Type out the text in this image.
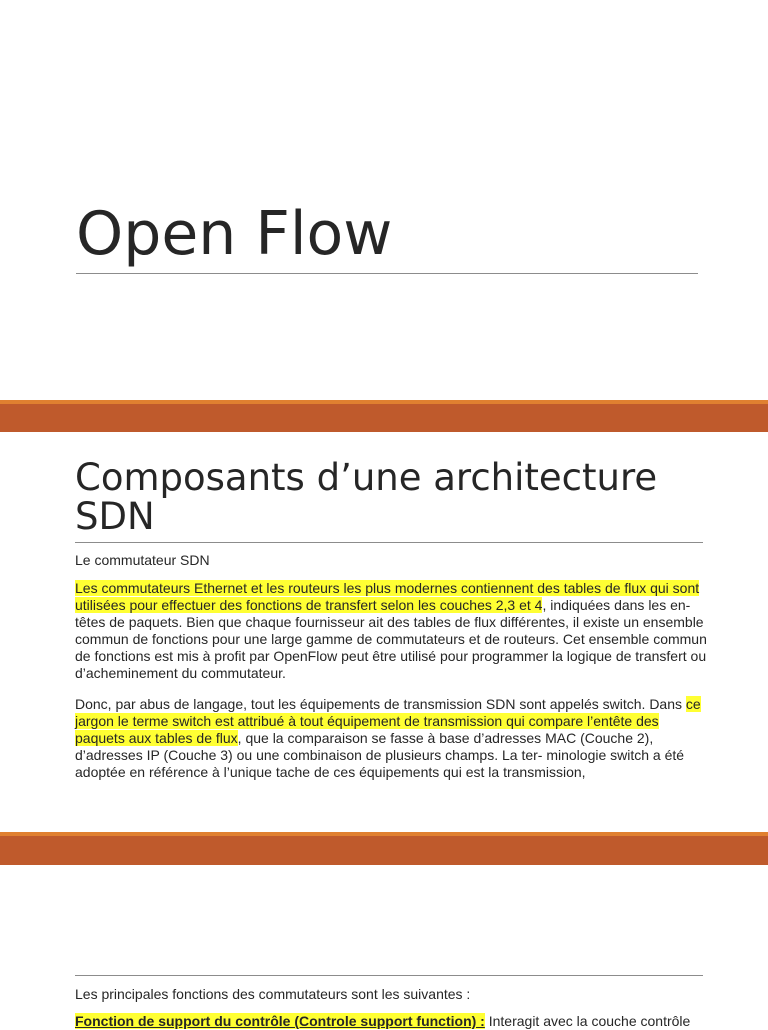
Open Flow
Composants d’une architecture SDN

Le commutateur SDN

Les commutateurs Ethernet et les routeurs les plus modernes contiennent des tables de flux qui sont utilisées pour effectuer des fonctions de transfert selon les couches 2,3 et 4, indiquées dans les en-têtes de paquets. Bien que chaque fournisseur ait des tables de flux différentes, il existe un ensemble commun de fonctions pour une large gamme de commutateurs et de routeurs. Cet ensemble commun de fonctions est mis à profit par OpenFlow peut être utilisé pour programmer la logique de transfert ou d’acheminement du commutateur.

Donc, par abus de langage, tout les équipements de transmission SDN sont appelés switch. Dans ce jargon le terme switch est attribué à tout équipement de transmission qui compare l’entête des paquets aux tables de flux, que la comparaison se fasse à base d’adresses MAC (Couche 2), d’adresses IP (Couche 3) ou une combinaison de plusieurs champs. La ter- minologie switch a été adoptée en référence à l’unique tache de ces équipements qui est la transmission,

Les principales fonctions des commutateurs sont les suivantes :

Fonction de support du contrôle (Controle support function) : Interagit avec la couche contrôle
